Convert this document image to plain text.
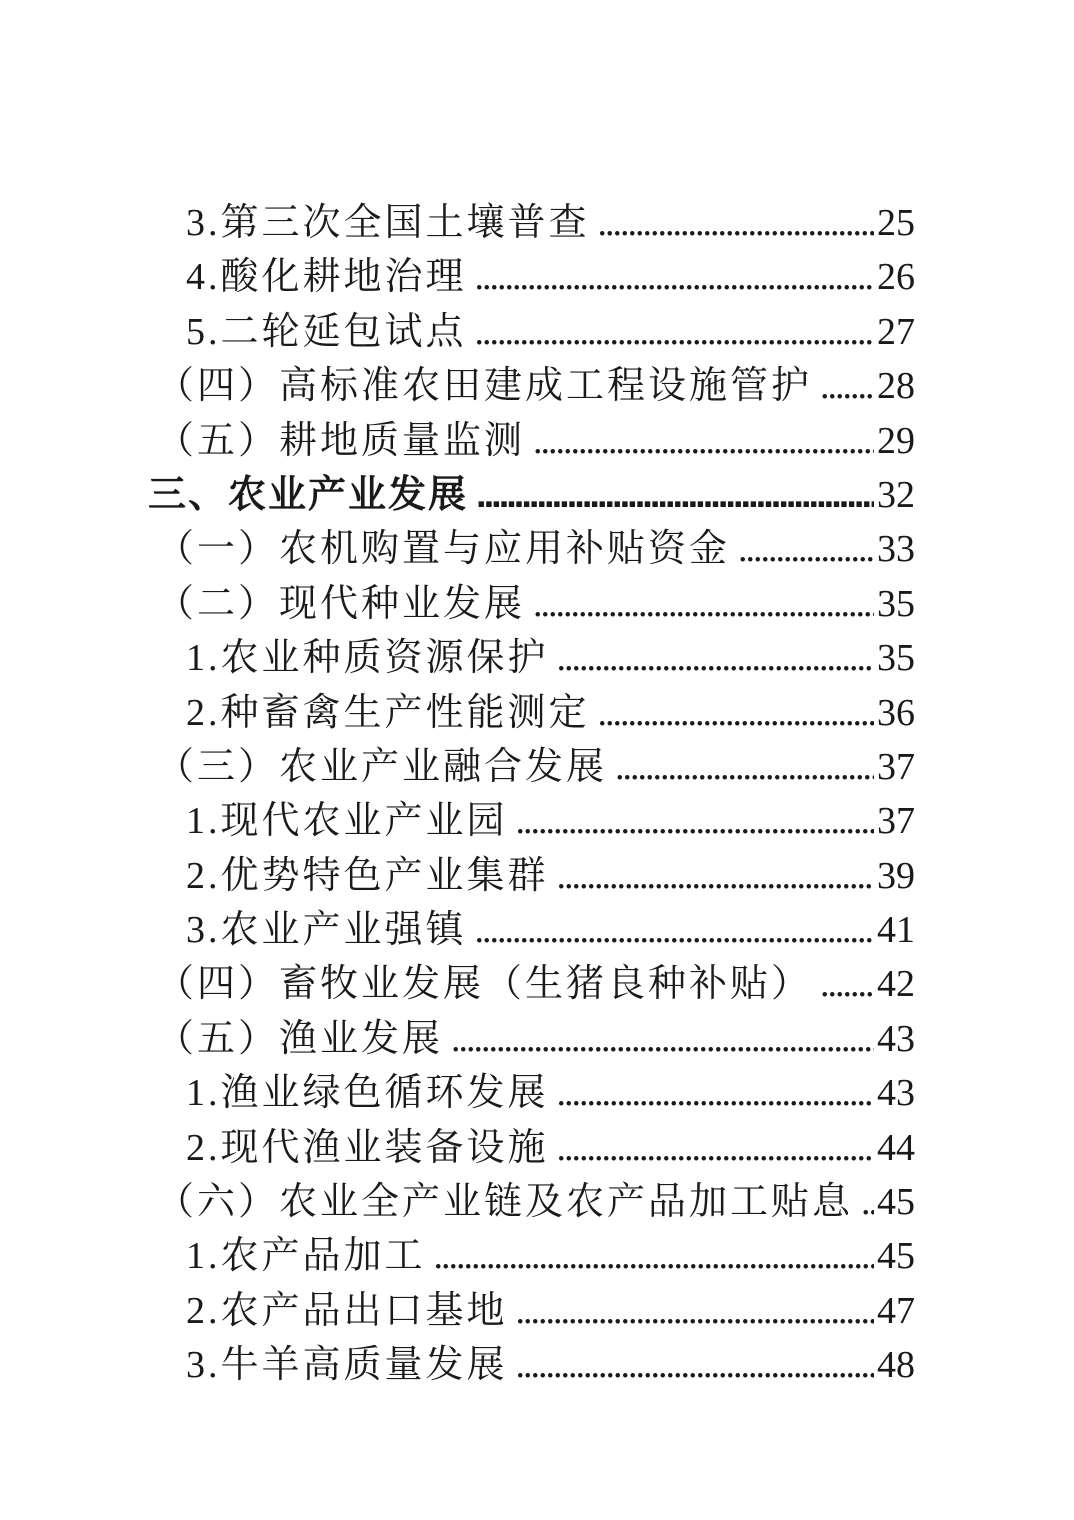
3.第三次全国土壤普查 .....	25
4.酸化耕地治理 .....	26
5.二轮延包试点 .....	27
（四）高标准农田建成工程设施管护 ..... 28
（五）耕地质量监测 .....	29
三、农业产业发展 .....	32
（一）农机购置与应用补贴资金 .....	33
（二）现代种业发展 .....	35
1.农业种质资源保护 .....	35
2.种畜禽生产性能测定 .....	36
（三）农业产业融合发展 .....	37
1.现代农业产业园 .....	37
2.优势特色产业集群 .....	39
3.农业产业强镇 .....	41
（四）畜牧业发展（生猪良种补贴） ..... 42
（五）渔业发展 .....	43
1.渔业绿色循环发展 .....	43
2.现代渔业装备设施 .....	44
（六）农业全产业链及农产品加工贴息 ..... 45
1.农产品加工 .....	45
2.农产品出口基地 .....	47
3.牛羊高质量发展 .....	48
